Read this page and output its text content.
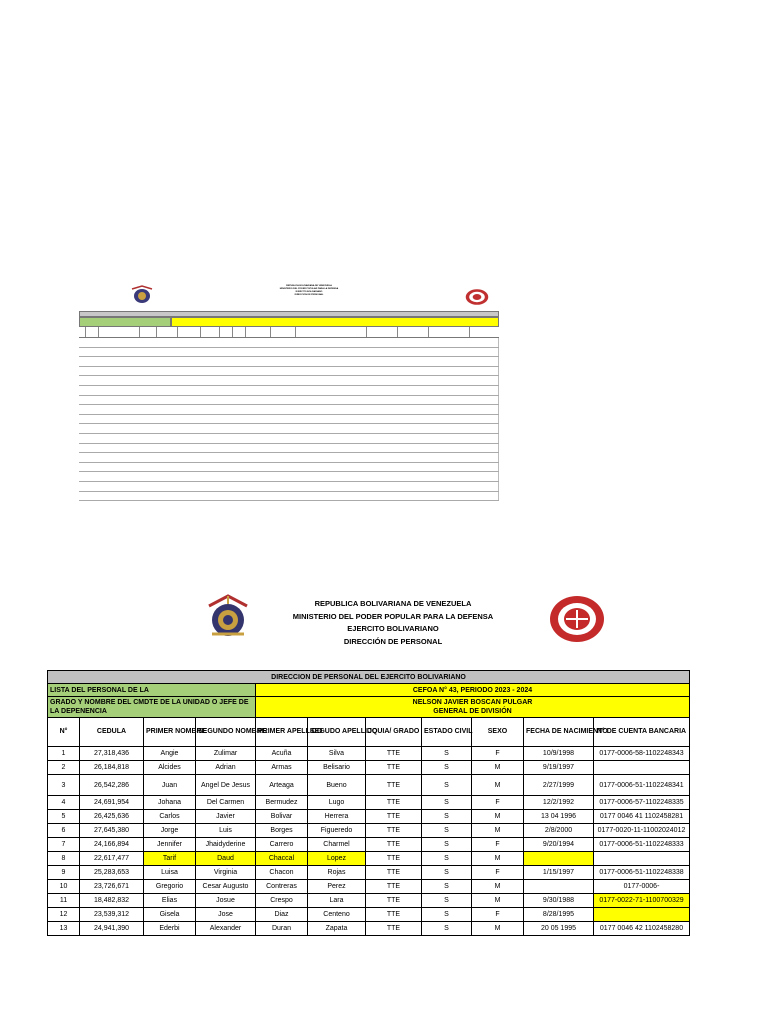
REPUBLICA BOLIVARIANA DE VENEZUELA
MINISTERIO DEL PODER POPULAR PARA LA DEFENSA
EJERCITO BOLIVARIANO
DIRECCION DE PERSONAL
REPUBLICA BOLIVARIANA DE VENEZUELA
MINISTERIO DEL PODER POPULAR PARA LA DEFENSA
EJERCITO BOLIVARIANO
DIRECCIÓN DE PERSONAL
DIRECCION DE PERSONAL DEL EJERCITO BOLIVARIANO										
LISTA DEL PERSONAL DE LA				CEFOA N° 43, PERIODO 2023 - 2024						
GRADO Y NOMBRE DEL CMDTE DE LA UNIDAD O JEFE DE LA DEPENENCIA				NELSON JAVIER BOSCAN PULGAR
GENERAL DE DIVISIÓN						

N°	CEDULA	PRIMER NOMBRE	SEGUNDO NOMBRE	PRIMER APELLIDO	SEGUDO APELLIDO	JQUIA/ GRADO	ESTADO CIVIL	SEXO	FECHA DE NACIMIENTO	N° DE CUENTA BANCARIA
1	27,318,436	Angie	Zulimar	Acuña	Silva	TTE	S	F	10/9/1998	0177-0006-58-1102248343
2	26,184,818	Alcides	Adrian	Armas	Belisario	TTE	S	M	9/19/1997	
3	26,542,286	Juan	Angel De Jesus	Arteaga	Bueno	TTE	S	M	2/27/1999	0177-0006-51-1102248341
4	24,691,954	Johana	Del Carmen	Bermudez	Lugo	TTE	S	F	12/2/1992	0177-0006-57-1102248335
5	26,425,636	Carlos	Javier	Bolivar	Herrera	TTE	S	M	13 04 1996	0177 0046 41 1102458281
6	27,645,380	Jorge	Luis	Borges	Figueredo	TTE	S	M	2/8/2000	0177-0020-11-1100202401​2
7	24,166,894	Jennifer	Jhaidyderine	Carrero	Charmel	TTE	S	F	9/20/1994	0177-0006-51-1102248333
8	22,617,477	Tarif	Daud	Chaccal	Lopez	TTE	S	M		
9	25,283,653	Luisa	Virginia	Chacon	Rojas	TTE	S	F	1/15/1997	0177-0006-51-1102248338
10	23,726,671	Gregorio	Cesar Augusto	Contreras	Perez	TTE	S	M		0177-0006-
11	18,482,832	Elias	Josue	Crespo	Lara	TTE	S	M	9/30/1988	0177-0022-71-1100700329
12	23,539,312	Gisela	Jose	Diaz	Centeno	TTE	S	F	8/28/1995	
13	24,941,390	Ederbi	Alexander	Duran	Zapata	TTE	S	M	20 05 1995	0177 0046 42 1102458280
